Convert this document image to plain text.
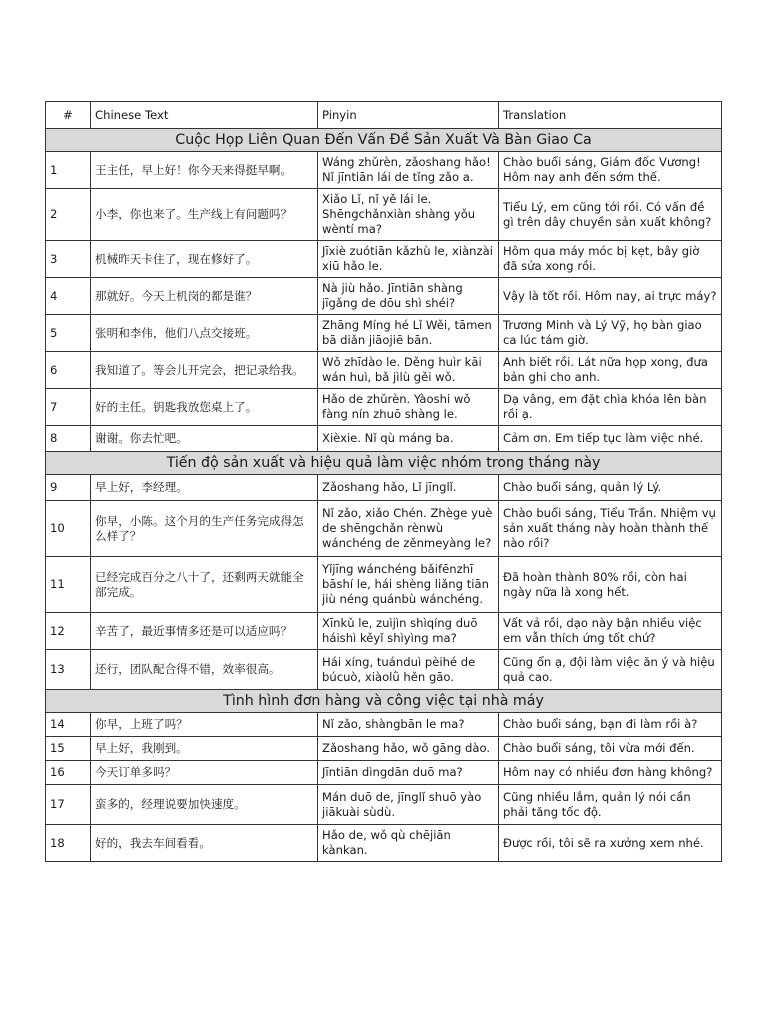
#	Chinese Text	Pinyin	Translation
Cuộc Họp Liên Quan Đến Vấn Đề Sản Xuất Và Bàn Giao Ca			
1	王主任，早上好！你今天来得挺早啊。	Wáng zhǔrèn, zǎoshang hǎo! Nǐ jīntiān lái de tǐng zǎo a.	Chào buổi sáng, Giám đốc Vương! Hôm nay anh đến sớm thế.
2	小李，你也来了。生产线上有问题吗？	Xiǎo Lǐ, nǐ yě lái le. Shēngchǎnxiàn shàng yǒu wèntí ma?	Tiểu Lý, em cũng tới rồi. Có vấn đề gì trên dây chuyền sản xuất không?
3	机械昨天卡住了，现在修好了。	Jīxiè zuótiān kǎzhù le, xiànzài xiū hǎo le.	Hôm qua máy móc bị kẹt, bây giờ đã sửa xong rồi.
4	那就好。今天上机岗的都是谁？	Nà jiù hǎo. Jīntiān shàng jīgǎng de dōu shì shéi?	Vậy là tốt rồi. Hôm nay, ai trực máy?
5	张明和李伟，他们八点交接班。	Zhāng Míng hé Lǐ Wěi, tāmen bā diǎn jiāojiē bān.	Trương Minh và Lý Vỹ, họ bàn giao ca lúc tám giờ.
6	我知道了。等会儿开完会，把记录给我。	Wǒ zhīdào le. Děng huìr kāi wán huì, bǎ jìlù gěi wǒ.	Anh biết rồi. Lát nữa họp xong, đưa bản ghi cho anh.
7	好的主任。钥匙我放您桌上了。	Hǎo de zhǔrèn. Yàoshi wǒ fàng nín zhuō shàng le.	Dạ vâng, em đặt chìa khóa lên bàn rồi ạ.
8	谢谢。你去忙吧。	Xièxie. Nǐ qù máng ba.	Cảm ơn. Em tiếp tục làm việc nhé.
Tiến độ sản xuất và hiệu quả làm việc nhóm trong tháng này			
9	早上好，李经理。	Zǎoshang hǎo, Lǐ jīnglǐ.	Chào buổi sáng, quản lý Lý.
10	你早，小陈。这个月的生产任务完成得怎么样了？	Nǐ zǎo, xiǎo Chén. Zhège yuè de shēngchǎn rènwù wánchéng de zěnmeyàng le?	Chào buổi sáng, Tiểu Trần. Nhiệm vụ sản xuất tháng này hoàn thành thế nào rồi?
11	已经完成百分之八十了，还剩两天就能全部完成。	Yǐjīng wánchéng bǎifēnzhī bāshí le, hái shèng liǎng tiān jiù néng quánbù wánchéng.	Đã hoàn thành 80% rồi, còn hai ngày nữa là xong hết.
12	辛苦了，最近事情多还是可以适应吗？	Xīnkǔ le, zuìjìn shìqíng duō háishì kěyǐ shìyìng ma?	Vất vả rồi, dạo này bận nhiều việc em vẫn thích ứng tốt chứ?
13	还行，团队配合得不错，效率很高。	Hái xíng, tuánduì pèihé de búcuò, xiàolǜ hěn gāo.	Cũng ổn ạ, đội làm việc ăn ý và hiệu quả cao.
Tình hình đơn hàng và công việc tại nhà máy			
14	你早，上班了吗？	Nǐ zǎo, shàngbān le ma?	Chào buổi sáng, bạn đi làm rồi à?
15	早上好，我刚到。	Zǎoshang hǎo, wǒ gāng dào.	Chào buổi sáng, tôi vừa mới đến.
16	今天订单多吗？	Jīntiān dìngdān duō ma?	Hôm nay có nhiều đơn hàng không?
17	蛮多的，经理说要加快速度。	Mán duō de, jīnglǐ shuō yào jiākuài sùdù.	Cũng nhiều lắm, quản lý nói cần phải tăng tốc độ.
18	好的，我去车间看看。	Hǎo de, wǒ qù chējiān kànkan.	Được rồi, tôi sẽ ra xưởng xem nhé.
